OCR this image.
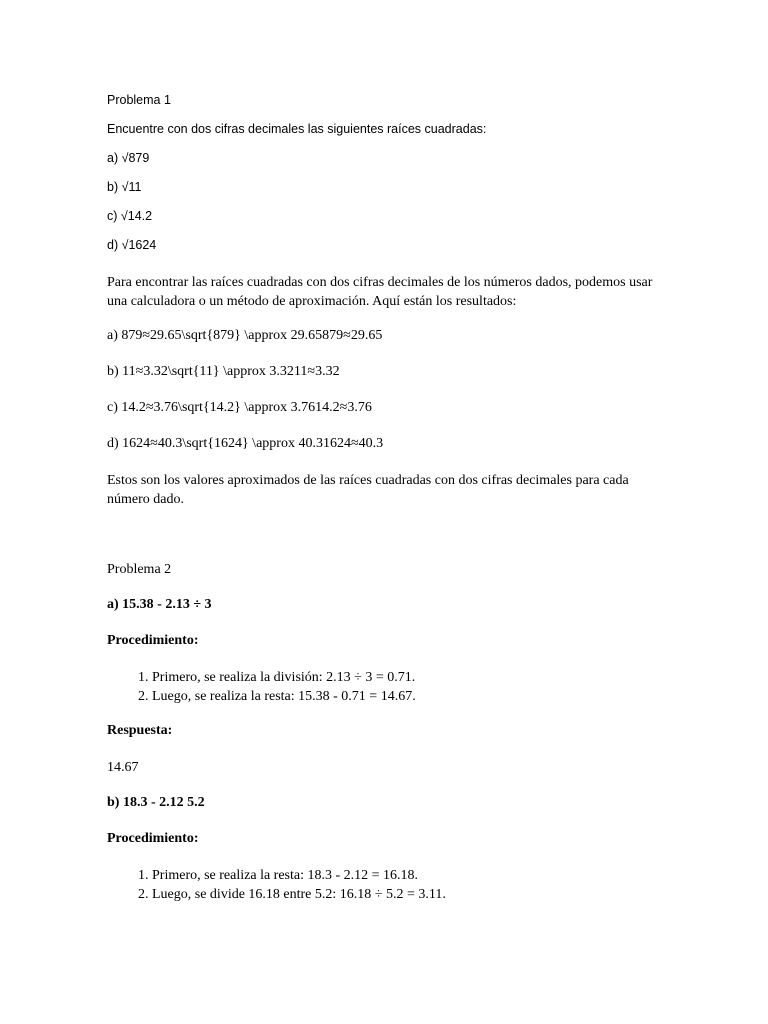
Problema 1
Encuentre con dos cifras decimales las siguientes raíces cuadradas:
a) √879
b) √11
c) √14.2
d) √1624
Para encontrar las raíces cuadradas con dos cifras decimales de los números dados, podemos usar una calculadora o un método de aproximación. Aquí están los resultados:
a) 879≈29.65\sqrt{879} \approx 29.65879≈29.65
b) 11≈3.32\sqrt{11} \approx 3.3211≈3.32
c) 14.2≈3.76\sqrt{14.2} \approx 3.7614.2≈3.76
d) 1624≈40.3\sqrt{1624} \approx 40.31624≈40.3
Estos son los valores aproximados de las raíces cuadradas con dos cifras decimales para cada número dado.
Problema 2
a) 15.38 - 2.13 ÷ 3
Procedimiento:
1. Primero, se realiza la división: 2.13 ÷ 3 = 0.71.
2. Luego, se realiza la resta: 15.38 - 0.71 = 14.67.
Respuesta:
14.67
b) 18.3 - 2.12 5.2
Procedimiento:
1. Primero, se realiza la resta: 18.3 - 2.12 = 16.18.
2. Luego, se divide 16.18 entre 5.2: 16.18 ÷ 5.2 = 3.11.
